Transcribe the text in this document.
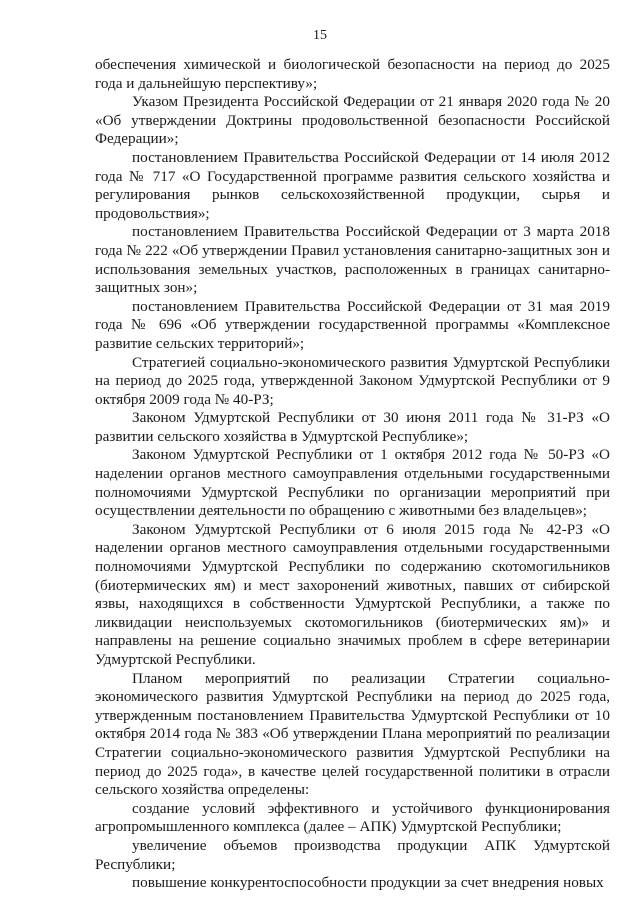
15

обеспечения химической и биологической безопасности на период до 2025 года и дальнейшую перспективу»;

Указом Президента Российской Федерации от 21 января 2020 года № 20 «Об утверждении Доктрины продовольственной безопасности Российской Федерации»;

постановлением Правительства Российской Федерации от 14 июля 2012 года № 717 «О Государственной программе развития сельского хозяйства и регулирования рынков сельскохозяйственной продукции, сырья и продовольствия»;

постановлением Правительства Российской Федерации от 3 марта 2018 года № 222 «Об утверждении Правил установления санитарно-защитных зон и использования земельных участков, расположенных в границах санитарно-защитных зон»;

постановлением Правительства Российской Федерации от 31 мая 2019 года № 696 «Об утверждении государственной программы «Комплексное развитие сельских территорий»;

Стратегией социально-экономического развития Удмуртской Республики на период до 2025 года, утвержденной Законом Удмуртской Республики от 9 октября 2009 года № 40-РЗ;

Законом Удмуртской Республики от 30 июня 2011 года № 31-РЗ «О развитии сельского хозяйства в Удмуртской Республике»;

Законом Удмуртской Республики от 1 октября 2012 года № 50-РЗ «О наделении органов местного самоуправления отдельными государственными полномочиями Удмуртской Республики по организации мероприятий при осуществлении деятельности по обращению с животными без владельцев»;

Законом Удмуртской Республики от 6 июля 2015 года № 42-РЗ «О наделении органов местного самоуправления отдельными государственными полномочиями Удмуртской Республики по содержанию скотомогильников (биотермических ям) и мест захоронений животных, павших от сибирской язвы, находящихся в собственности Удмуртской Республики, а также по ликвидации неиспользуемых скотомогильников (биотермических ям)» и направлены на решение социально значимых проблем в сфере ветеринарии Удмуртской Республики.

Планом мероприятий по реализации Стратегии социально-экономического развития Удмуртской Республики на период до 2025 года, утвержденным постановлением Правительства Удмуртской Республики от 10 октября 2014 года № 383 «Об утверждении Плана мероприятий по реализации Стратегии социально-экономического развития Удмуртской Республики на период до 2025 года», в качестве целей государственной политики в отрасли сельского хозяйства определены:

создание условий эффективного и устойчивого функционирования агропромышленного комплекса (далее – АПК) Удмуртской Республики;

увеличение объемов производства продукции АПК Удмуртской Республики;

повышение конкурентоспособности продукции за счет внедрения новых
